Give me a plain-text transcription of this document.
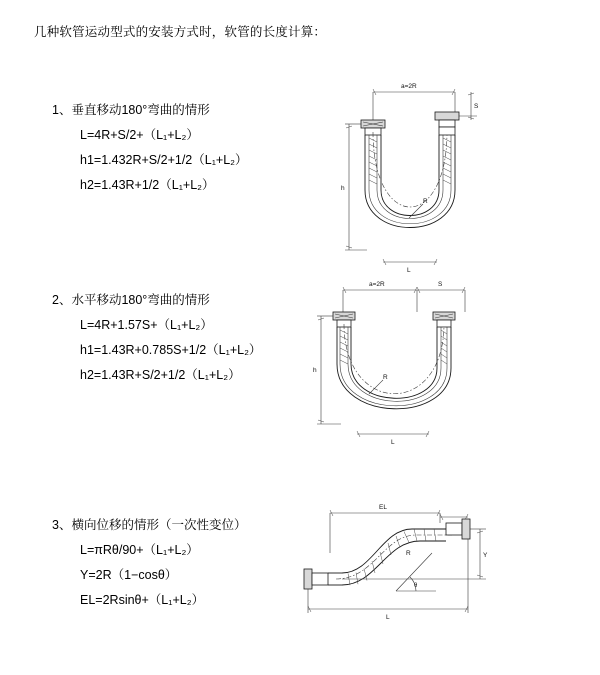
几种软管运动型式的安装方式时，软管的长度计算：
1、垂直移动180°弯曲的情形
L=4R+S/2+（L₁+L₂）
h1=1.432R+S/2+1/2（L₁+L₂）
h2=1.43R+1/2（L₁+L₂）
a=2R
S
h
R
L
2、水平移动180°弯曲的情形
L=4R+1.57S+（L₁+L₂）
h1=1.43R+0.785S+1/2（L₁+L₂）
h2=1.43R+S/2+1/2（L₁+L₂）
a=2R	S
h
R
L
3、横向位移的情形（一次性变位）
L=πRθ/90+（L₁+L₂）
Y=2R（1−cosθ）
EL=2Rsinθ+（L₁+L₂）
EL
Y
θ
R
L
